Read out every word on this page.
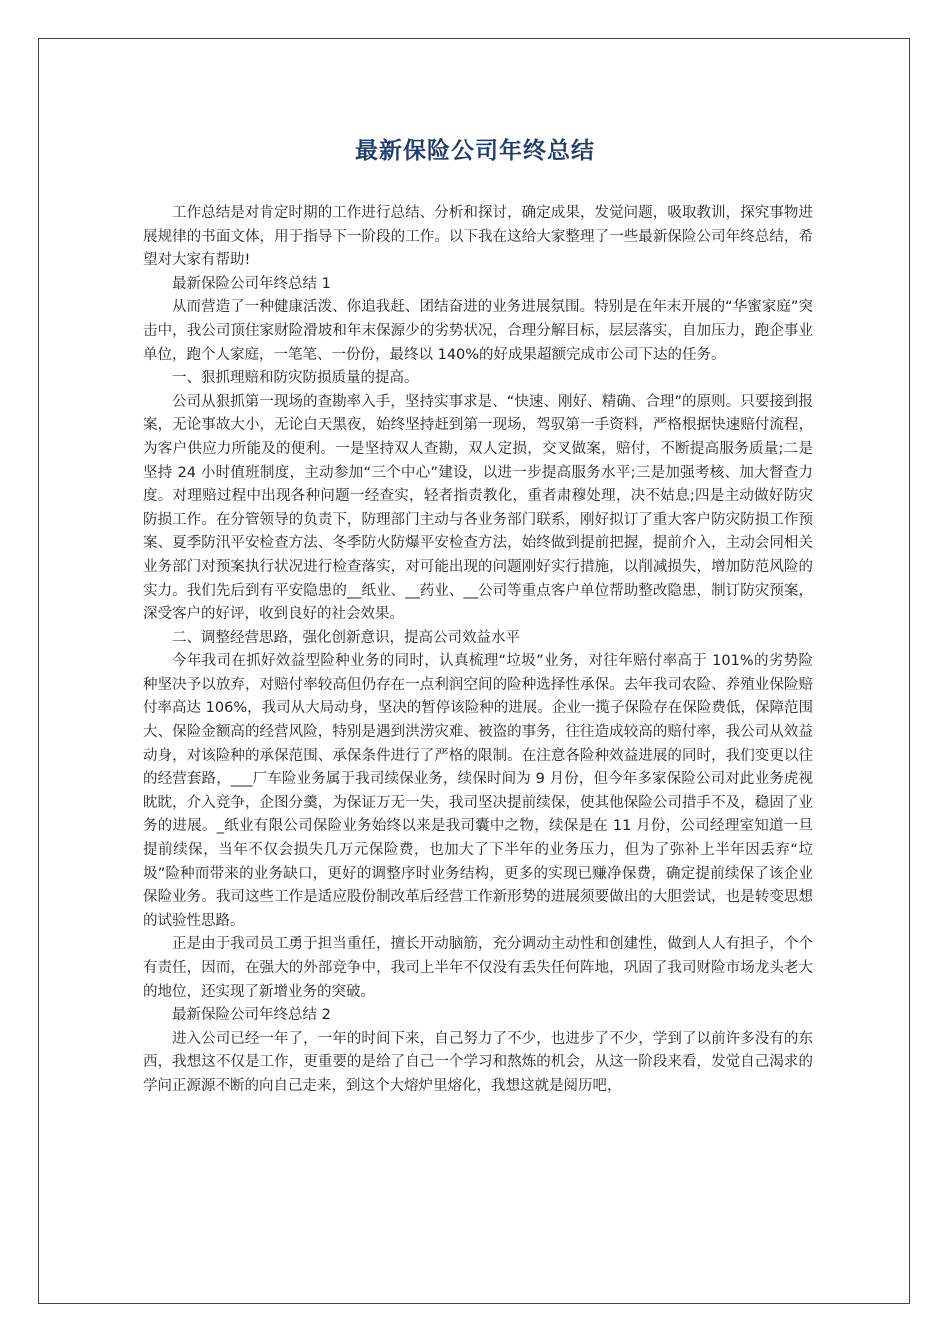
最新保险公司年终总结

工作总结是对肯定时期的工作进行总结、分析和探讨，确定成果，发觉问题，吸取教训，探究事物进展规律的书面文体，用于指导下一阶段的工作。以下我在这给大家整理了一些最新保险公司年终总结，希望对大家有帮助!

最新保险公司年终总结 1

从而营造了一种健康活泼、你追我赶、团结奋进的业务进展氛围。特别是在年末开展的“华蜜家庭”突击中，我公司顶住家财险滑坡和年末保源少的劣势状况，合理分解目标，层层落实，自加压力，跑企事业单位，跑个人家庭，一笔笔、一份份，最终以 140%的好成果超额完成市公司下达的任务。

一、狠抓理赔和防灾防损质量的提高。

公司从狠抓第一现场的查勘率入手，坚持实事求是、“快速、刚好、精确、合理”的原则。只要接到报案，无论事故大小，无论白天黑夜，始终坚持赶到第一现场，驾驭第一手资料，严格根据快速赔付流程，为客户供应力所能及的便利。一是坚持双人查勘，双人定损，交叉做案，赔付，不断提高服务质量;二是坚持 24 小时值班制度，主动参加“三个中心”建设，以进一步提高服务水平;三是加强考核、加大督查力度。对理赔过程中出现各种问题一经查实，轻者指责教化，重者肃穆处理，决不姑息;四是主动做好防灾防损工作。在分管领导的负责下，防理部门主动与各业务部门联系，刚好拟订了重大客户防灾防损工作预案、夏季防汛平安检查方法、冬季防火防爆平安检查方法，始终做到提前把握，提前介入，主动会同相关业务部门对预案执行状况进行检查落实，对可能出现的问题刚好实行措施，以削减损失，增加防范风险的实力。我们先后到有平安隐患的__纸业、__药业、__公司等重点客户单位帮助整改隐患，制订防灾预案，深受客户的好评，收到良好的社会效果。

二、调整经营思路，强化创新意识，提高公司效益水平

今年我司在抓好效益型险种业务的同时，认真梳理“垃圾”业务，对往年赔付率高于 101%的劣势险种坚决予以放弃，对赔付率较高但仍存在一点利润空间的险种选择性承保。去年我司农险、养殖业保险赔付率高达 106%，我司从大局动身，坚决的暂停该险种的进展。企业一揽子保险存在保险费低，保障范围大、保险金额高的经营风险，特别是遇到洪涝灾难、被盗的事务，往往造成较高的赔付率，我公司从效益动身，对该险种的承保范围、承保条件进行了严格的限制。在注意各险种效益进展的同时，我们变更以往的经营套路，___厂车险业务属于我司续保业务，续保时间为 9 月份，但今年多家保险公司对此业务虎视眈眈，介入竞争，企图分羹，为保证万无一失，我司坚决提前续保，使其他保险公司措手不及，稳固了业务的进展。_纸业有限公司保险业务始终以来是我司囊中之物，续保是在 11 月份，公司经理室知道一旦提前续保，当年不仅会损失几万元保险费，也加大了下半年的业务压力，但为了弥补上半年因丢弃“垃圾”险种而带来的业务缺口，更好的调整序时业务结构，更多的实现已赚净保费，确定提前续保了该企业保险业务。我司这些工作是适应股份制改革后经营工作新形势的进展须要做出的大胆尝试，也是转变思想的试验性思路。

正是由于我司员工勇于担当重任，擅长开动脑筋，充分调动主动性和创建性，做到人人有担子，个个有责任，因而，在强大的外部竞争中，我司上半年不仅没有丢失任何阵地，巩固了我司财险市场龙头老大的地位，还实现了新增业务的突破。

最新保险公司年终总结 2

进入公司已经一年了，一年的时间下来，自己努力了不少，也进步了不少，学到了以前许多没有的东西，我想这不仅是工作，更重要的是给了自己一个学习和熬炼的机会，从这一阶段来看，发觉自己渴求的学问正源源不断的向自己走来，到这个大熔炉里熔化，我想这就是阅历吧，
